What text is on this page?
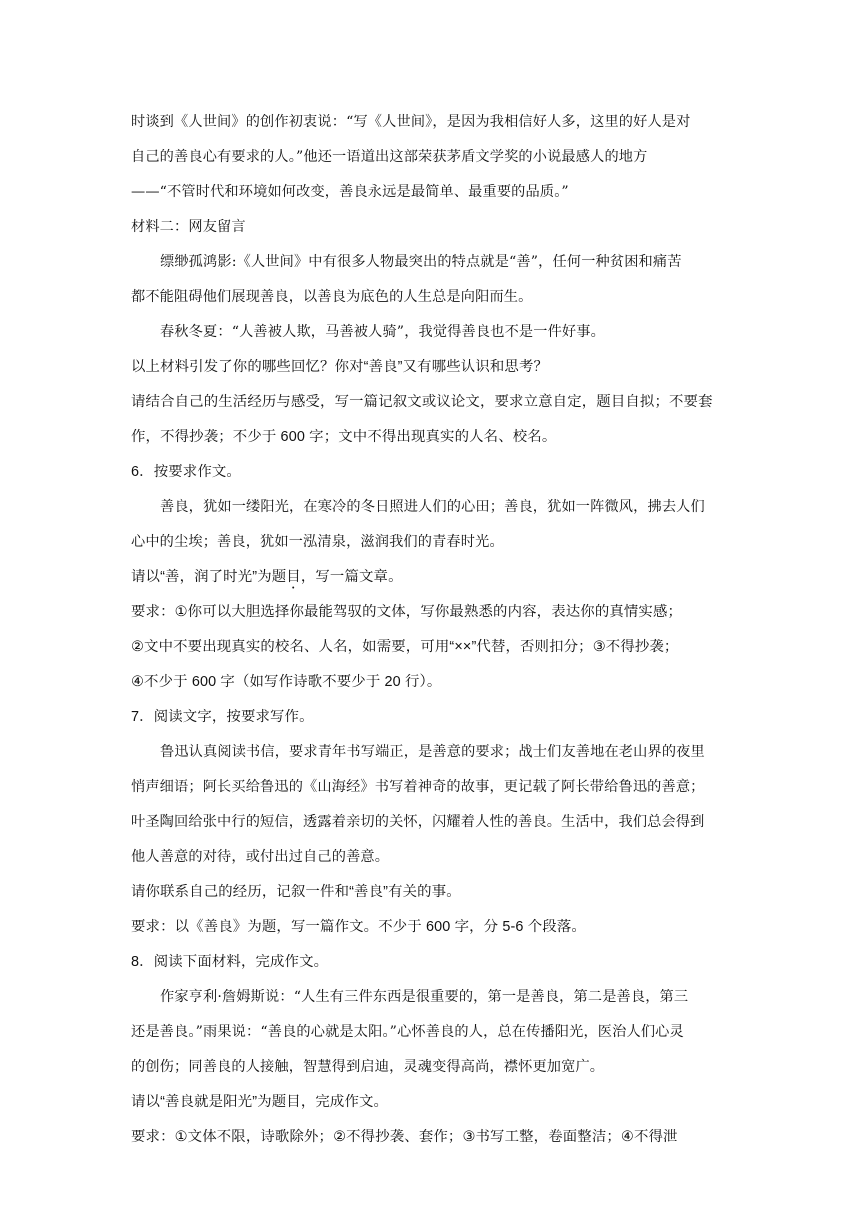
时谈到《人世间》的创作初衷说：“写《人世间》，是因为我相信好人多，这里的好人是对
自己的善良心有要求的人。”他还一语道出这部荣获茅盾文学奖的小说最感人的地方
——“不管时代和环境如何改变，善良永远是最简单、最重要的品质。”
材料二：网友留言
缥缈孤鸿影:《人世间》中有很多人物最突出的特点就是“善”，任何一种贫困和痛苦
都不能阻碍他们展现善良，以善良为底色的人生总是向阳而生。
春秋冬夏：“人善被人欺，马善被人骑”，我觉得善良也不是一件好事。
以上材料引发了你的哪些回忆？你对“善良”又有哪些认识和思考？
请结合自己的生活经历与感受，写一篇记叙文或议论文，要求立意自定，题目自拟；不要套
作，不得抄袭；不少于 600 字；文中不得出现真实的人名、校名。
6．按要求作文。
善良，犹如一缕阳光，在寒冷的冬日照进人们的心田；善良，犹如一阵微风，拂去人们
心中的尘埃；善良，犹如一泓清泉，滋润我们的青春时光。
请以“善，润了时光”为题目，写一篇文章。
要求：①你可以大胆选择你最能驾驭的文体，写你最熟悉的内容，表达你的真情实感；
②文中不要出现真实的校名、人名，如需要，可用“××”代替，否则扣分；③不得抄袭；
④不少于 600 字（如写作诗歌不要少于 20 行）。
7．阅读文字，按要求写作。
鲁迅认真阅读书信，要求青年书写端正，是善意的要求；战士们友善地在老山界的夜里
悄声细语；阿长买给鲁迅的《山海经》书写着神奇的故事，更记载了阿长带给鲁迅的善意；
叶圣陶回给张中行的短信，透露着亲切的关怀，闪耀着人性的善良。生活中，我们总会得到
他人善意的对待，或付出过自己的善意。
请你联系自己的经历，记叙一件和“善良”有关的事。
要求：以《善良》为题，写一篇作文。不少于 600 字，分 5-6 个段落。
8．阅读下面材料，完成作文。
作家亨利·詹姆斯说：“人生有三件东西是很重要的，第一是善良，第二是善良，第三
还是善良。”雨果说：“善良的心就是太阳。”心怀善良的人，总在传播阳光，医治人们心灵
的创伤；同善良的人接触，智慧得到启迪，灵魂变得高尚，襟怀更加宽广。
请以“善良就是阳光”为题目，完成作文。
要求：①文体不限，诗歌除外；②不得抄袭、套作；③书写工整，卷面整洁；④不得泄
